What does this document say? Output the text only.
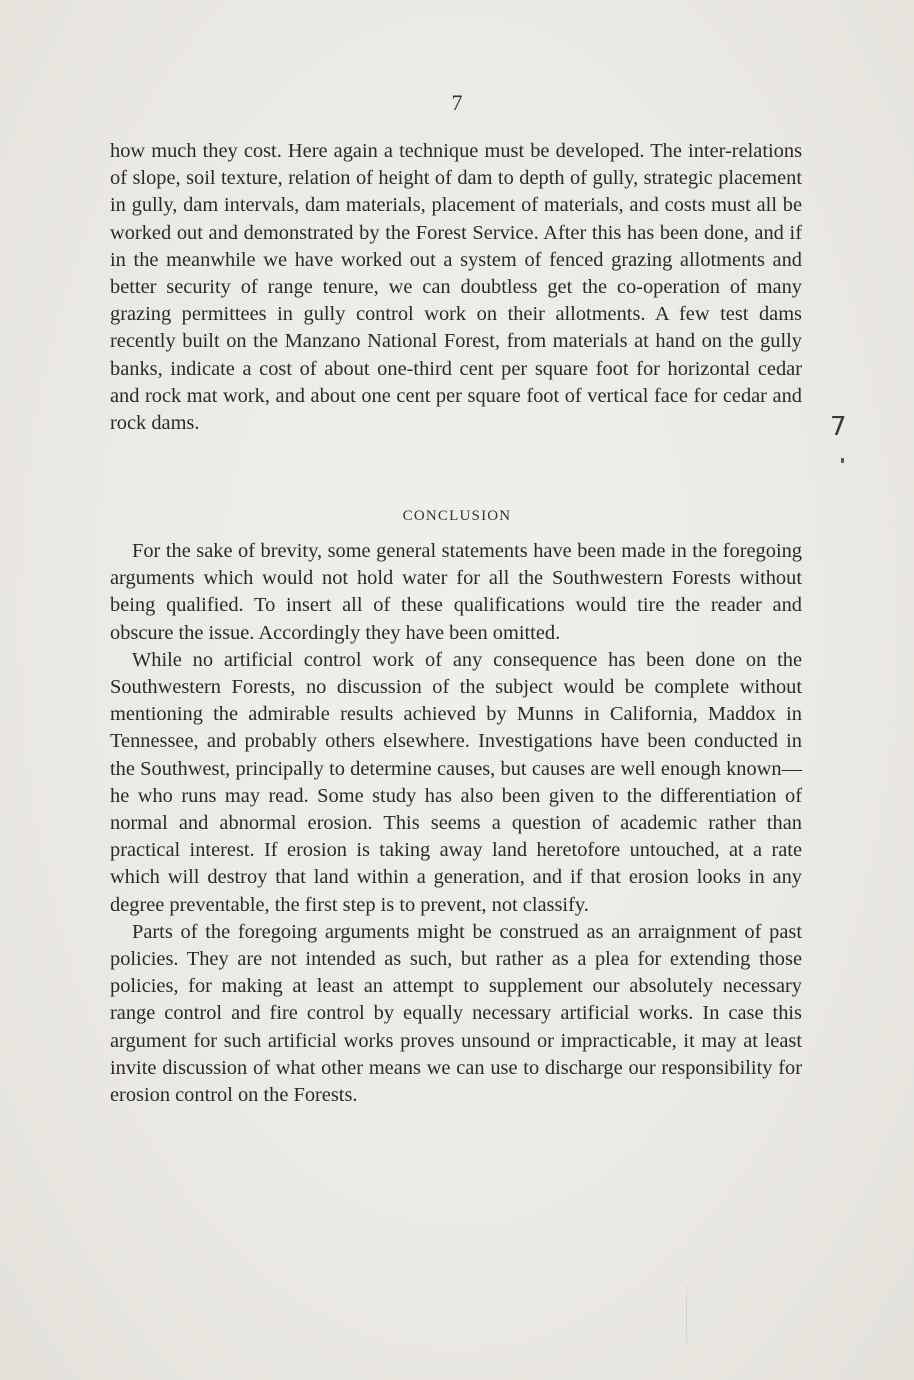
7

how much they cost. Here again a technique must be developed. The inter-relations of slope, soil texture, relation of height of dam to depth of gully, strategic placement in gully, dam intervals, dam materials, placement of materials, and costs must all be worked out and demonstrated by the Forest Service. After this has been done, and if in the meanwhile we have worked out a system of fenced grazing allotments and better security of range tenure, we can doubtless get the co-operation of many grazing permittees in gully control work on their allotments. A few test dams recently built on the Manzano National Forest, from materials at hand on the gully banks, indicate a cost of about one-third cent per square foot for horizontal cedar and rock mat work, and about one cent per square foot of vertical face for cedar and rock dams.

CONCLUSION

For the sake of brevity, some general statements have been made in the foregoing arguments which would not hold water for all the Southwestern Forests without being qualified. To insert all of these qualifications would tire the reader and obscure the issue. Accordingly they have been omitted.

While no artificial control work of any consequence has been done on the Southwestern Forests, no discussion of the subject would be complete without mentioning the admirable results achieved by Munns in California, Maddox in Tennessee, and probably others elsewhere. Investigations have been conducted in the Southwest, principally to determine causes, but causes are well enough known—he who runs may read. Some study has also been given to the differentiation of normal and abnormal erosion. This seems a question of academic rather than practical interest. If erosion is taking away land heretofore untouched, at a rate which will destroy that land within a generation, and if that erosion looks in any degree preventable, the first step is to prevent, not classify.

Parts of the foregoing arguments might be construed as an arraignment of past policies. They are not intended as such, but rather as a plea for extending those policies, for making at least an attempt to supplement our absolutely necessary range control and fire control by equally necessary artificial works. In case this argument for such artificial works proves unsound or impracticable, it may at least invite discussion of what other means we can use to discharge our responsibility for erosion control on the Forests.

7
